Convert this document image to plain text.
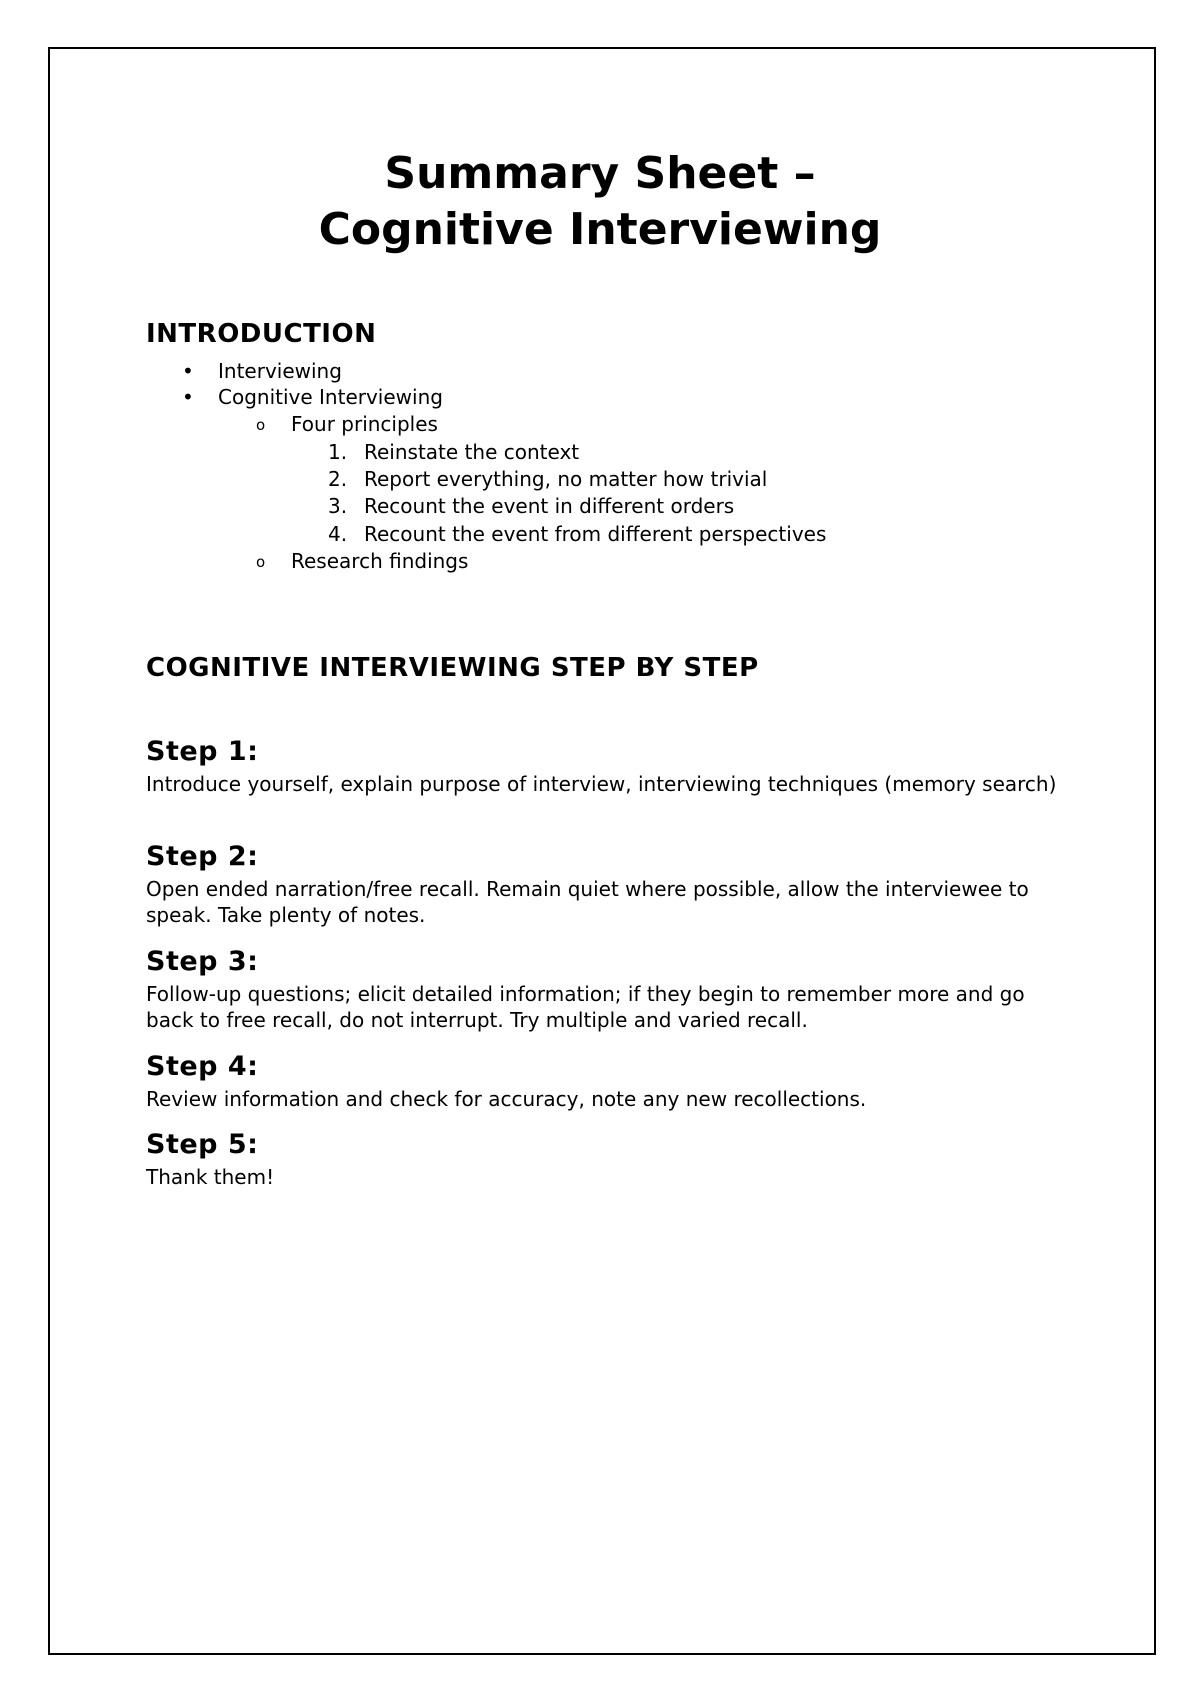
Summary Sheet –
Cognitive Interviewing
INTRODUCTION
• Interviewing
• Cognitive Interviewing
o Four principles
1. Reinstate the context
2. Report everything, no matter how trivial
3. Recount the event in different orders
4. Recount the event from different perspectives
o Research findings
COGNITIVE INTERVIEWING STEP BY STEP
Step 1:

Introduce yourself, explain purpose of interview, interviewing techniques (memory search)

Step 2:

Open ended narration/free recall. Remain quiet where possible, allow the interviewee to speak. Take plenty of notes.

Step 3:

Follow-up questions; elicit detailed information; if they begin to remember more and go back to free recall, do not interrupt. Try multiple and varied recall.

Step 4:

Review information and check for accuracy, note any new recollections.

Step 5:

Thank them!
